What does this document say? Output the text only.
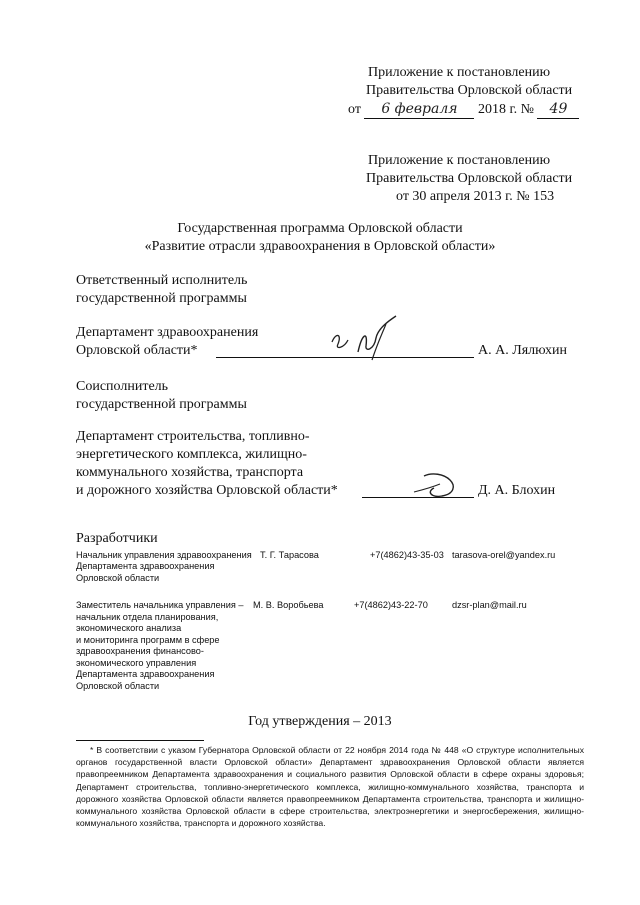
Приложение к постановлению
Правительства Орловской области
от 6 февраля 2018 г. № 49
Приложение к постановлению
Правительства Орловской области
от 30 апреля 2013 г. № 153
Государственная программа Орловской области
«Развитие отрасли здравоохранения в Орловской области»
Ответственный исполнитель
государственной программы
Департамент здравоохранения
Орловской области*	А. А. Лялюхин
Соисполнитель
государственной программы
Департамент строительства, топливно-
энергетического комплекса, жилищно-
коммунального хозяйства, транспорта
и дорожного хозяйства Орловской области*	Д. А. Блохин
Разработчики
Начальник управления здравоохранения
Департамента здравоохранения
Орловской области
Т. Г. Тарасова	+7(4862)43-35-03 tarasova-orel@yandex.ru
Заместитель начальника управления –
начальник отдела планирования,
экономического анализа
и мониторинга программ в сфере
здравоохранения финансово-
экономического управления
Департамента здравоохранения
Орловской области
М. В. Воробьева	+7(4862)43-22-70	dzsr-plan@mail.ru
Год утверждения – 2013

* В соответствии с указом Губернатора Орловской области от 22 ноября 2014 года № 448 «О структуре исполнительных органов государственной власти Орловской области» Департамент здравоохранения Орловской области является правопреемником Департамента здравоохранения и социального развития Орловской области в сфере охраны здоровья; Департамент строительства, топливно-энергетического комплекса, жилищно-коммунального хозяйства, транспорта и дорожного хозяйства Орловской области является правопреемником Департамента строительства, транспорта и жилищно-коммунального хозяйства Орловской области в сфере строительства, электроэнергетики и энергосбережения, жилищно-коммунального хозяйства, транспорта и дорожного хозяйства.
